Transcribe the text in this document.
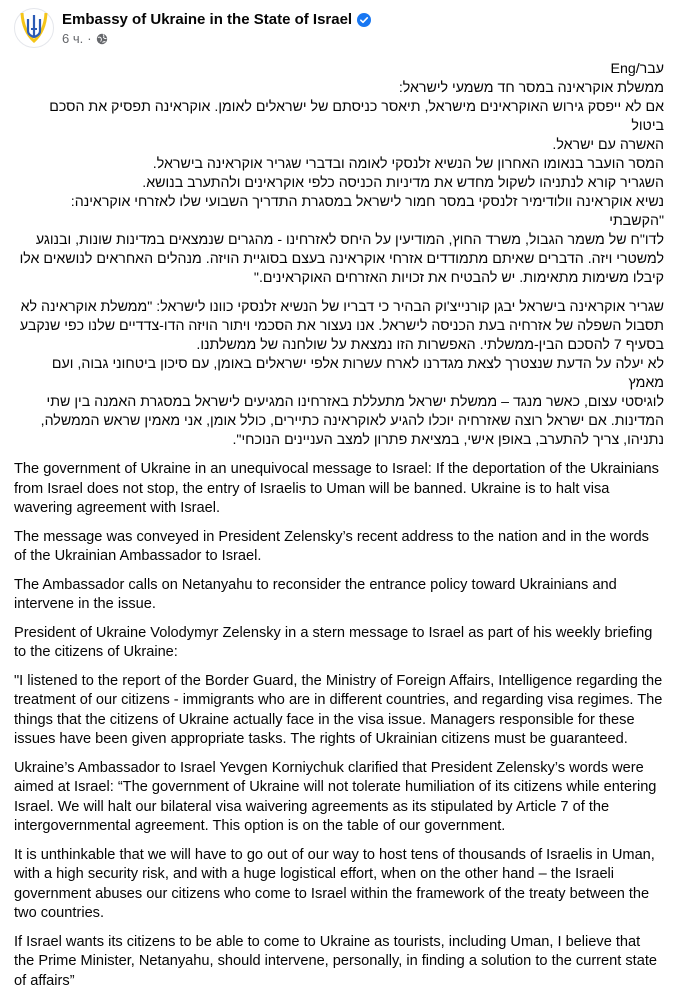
Embassy of Ukraine in the State of Israel
6 ч. ·

עבר/Eng

ממשלת אוקראינה במסר חד משמעי לישראל:

אם לא ייפסק גירוש האוקראינים מישראל, תיאסר כניסתם של ישראלים לאומן. אוקראינה תפסיק את הסכם ביטול

האשרה עם ישראל.

המסר הועבר בנאומו האחרון של הנשיא זלנסקי לאומה ובדברי שגריר אוקראינה בישראל.

השגריר קורא לנתניהו לשקול מחדש את מדיניות הכניסה כלפי אוקראינים ולהתערב בנושא.

נשיא אוקראינה וולודימיר זלנסקי במסר חמור לישראל במסגרת התדריך השבועי שלו לאזרחי אוקראינה: "הקשבתי

לדו"ח של משמר הגבול, משרד החוץ, המודיעין על היחס לאזרחינו - מהגרים שנמצאים במדינות שונות, ובנוגע

למשטרי ויזה. הדברים שאיתם מתמודדים אזרחי אוקראינה בעצם בסוגיית הויזה. מנהלים האחראים לנושאים אלו

קיבלו משימות מתאימות. יש להבטיח את זכויות האזרחים האוקראינים."

שגריר אוקראינה בישראל יבגן קורנייצ'וק הבהיר כי דבריו של הנשיא זלנסקי כוונו לישראל: "ממשלת אוקראינה לא

תסבול השפלה של אזרחיה בעת הכניסה לישראל. אנו נעצור את הסכמי ויתור הויזה הדו-צדדיים שלנו כפי שנקבע

בסעיף 7 להסכם הבין-ממשלתי. האפשרות הזו נמצאת על שולחנה של ממשלתנו.

לא יעלה על הדעת שנצטרך לצאת מגדרנו לארח עשרות אלפי ישראלים באומן, עם סיכון ביטחוני גבוה, ועם מאמץ

לוגיסטי עצום, כאשר מנגד – ממשלת ישראל מתעללת באזרחינו המגיעים לישראל במסגרת האמנה בין שתי

המדינות. אם ישראל רוצה שאזרחיה יוכלו להגיע לאוקראינה כתיירים, כולל אומן, אני מאמין שראש הממשלה,

נתניהו, צריך להתערב, באופן אישי, במציאת פתרון למצב העניינים הנוכחי".

The government of Ukraine in an unequivocal message to Israel: If the deportation of the Ukrainians from Israel does not stop, the entry of Israelis to Uman will be banned. Ukraine is to halt visa wavering agreement with Israel.

The message was conveyed in President Zelensky’s recent address to the nation and in the words of the Ukrainian Ambassador to Israel.

The Ambassador calls on Netanyahu to reconsider the entrance policy toward Ukrainians and intervene in the issue.

President of Ukraine Volodymyr Zelensky in a stern message to Israel as part of his weekly briefing to the citizens of Ukraine:

"I listened to the report of the Border Guard, the Ministry of Foreign Affairs, Intelligence regarding the treatment of our citizens - immigrants who are in different countries, and regarding visa regimes. The things that the citizens of Ukraine actually face in the visa issue. Managers responsible for these issues have been given appropriate tasks. The rights of Ukrainian citizens must be guaranteed.

Ukraine’s Ambassador to Israel Yevgen Korniychuk clarified that President Zelensky’s words were aimed at Israel: “The government of Ukraine will not tolerate humiliation of its citizens while entering Israel. We will halt our bilateral visa waivering agreements as its stipulated by Article 7 of the intergovernmental agreement. This option is on the table of our government.

It is unthinkable that we will have to go out of our way to host tens of thousands of Israelis in Uman, with a high security risk, and with a huge logistical effort, when on the other hand – the Israeli government abuses our citizens who come to Israel within the framework of the treaty between the two countries.

If Israel wants its citizens to be able to come to Ukraine as tourists, including Uman, I believe that the Prime Minister, Netanyahu, should intervene, personally, in finding a solution to the current state of affairs”
